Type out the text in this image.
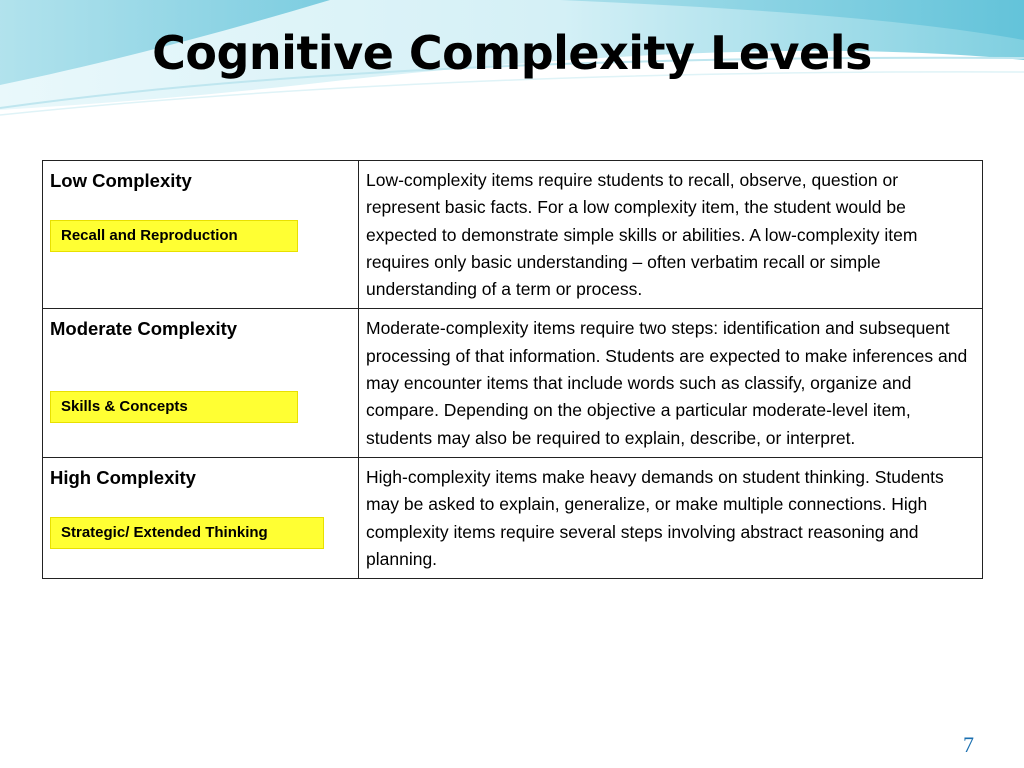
Cognitive Complexity Levels
Low Complexity
Recall and Reproduction	Low-complexity items require students to recall, observe, question or represent basic facts. For a low complexity item, the student would be expected to demonstrate simple skills or abilities. A low-complexity item requires only basic understanding – often verbatim recall or simple understanding of a term or process.

Moderate Complexity
Skills & Concepts	Moderate-complexity items require two steps: identification and subsequent processing of that information. Students are expected to make inferences and may encounter items that include words such as classify, organize and compare. Depending on the objective a particular moderate-level item, students may also be required to explain, describe, or interpret.

High Complexity
Strategic/ Extended Thinking	High-complexity items make heavy demands on student thinking. Students may be asked to explain, generalize, or make multiple connections. High complexity items require several steps involving abstract reasoning and planning.
7
